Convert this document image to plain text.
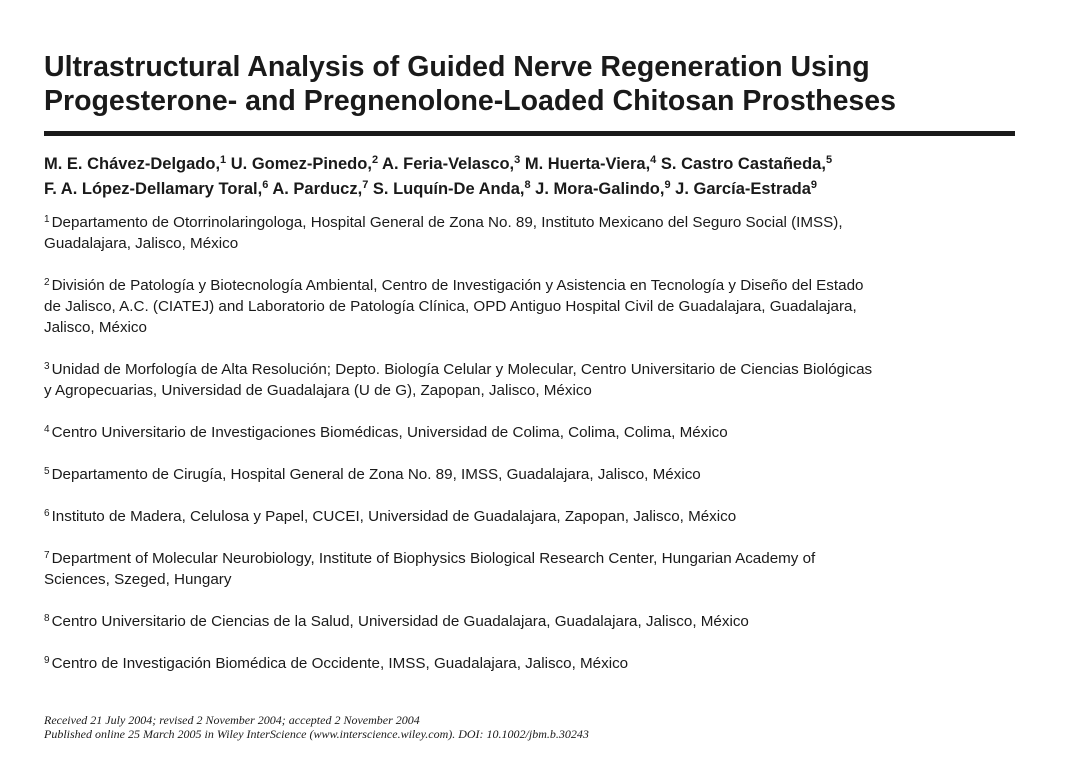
Ultrastructural Analysis of Guided Nerve Regeneration Using
Progesterone- and Pregnenolone-Loaded Chitosan Prostheses
M. E. Chávez-Delgado,$^1$ U. Gomez-Pinedo,$^2$ A. Feria-Velasco,$^3$ M. Huerta-Viera,$^4$ S. Castro Castañeda,$^5$
F. A. López-Dellamary Toral,$^6$ A. Parducz,$^7$ S. Luquín-De Anda,$^8$ J. Mora-Galindo,$^9$ J. García-Estrada$^9$
$^1$ Departamento de Otorrinolaringologa, Hospital General de Zona No. 89, Instituto Mexicano del Seguro Social (IMSS),
Guadalajara, Jalisco, México
$^2$ División de Patología y Biotecnología Ambiental, Centro de Investigación y Asistencia en Tecnología y Diseño del Estado
de Jalisco, A.C. (CIATEJ) and Laboratorio de Patología Clínica, OPD Antiguo Hospital Civil de Guadalajara, Guadalajara,
Jalisco, México
$^3$ Unidad de Morfología de Alta Resolución; Depto. Biología Celular y Molecular, Centro Universitario de Ciencias Biológicas
y Agropecuarias, Universidad de Guadalajara (U de G), Zapopan, Jalisco, México
$^4$ Centro Universitario de Investigaciones Biomédicas, Universidad de Colima, Colima, Colima, México
$^5$ Departamento de Cirugía, Hospital General de Zona No. 89, IMSS, Guadalajara, Jalisco, México
$^6$ Instituto de Madera, Celulosa y Papel, CUCEI, Universidad de Guadalajara, Zapopan, Jalisco, México
$^7$ Department of Molecular Neurobiology, Institute of Biophysics Biological Research Center, Hungarian Academy of
Sciences, Szeged, Hungary
$^8$ Centro Universitario de Ciencias de la Salud, Universidad de Guadalajara, Guadalajara, Jalisco, México
$^9$ Centro de Investigación Biomédica de Occidente, IMSS, Guadalajara, Jalisco, México
Received 21 July 2004; revised 2 November 2004; accepted 2 November 2004
Published online 25 March 2005 in Wiley InterScience (www.interscience.wiley.com). DOI: 10.1002/jbm.b.30243
